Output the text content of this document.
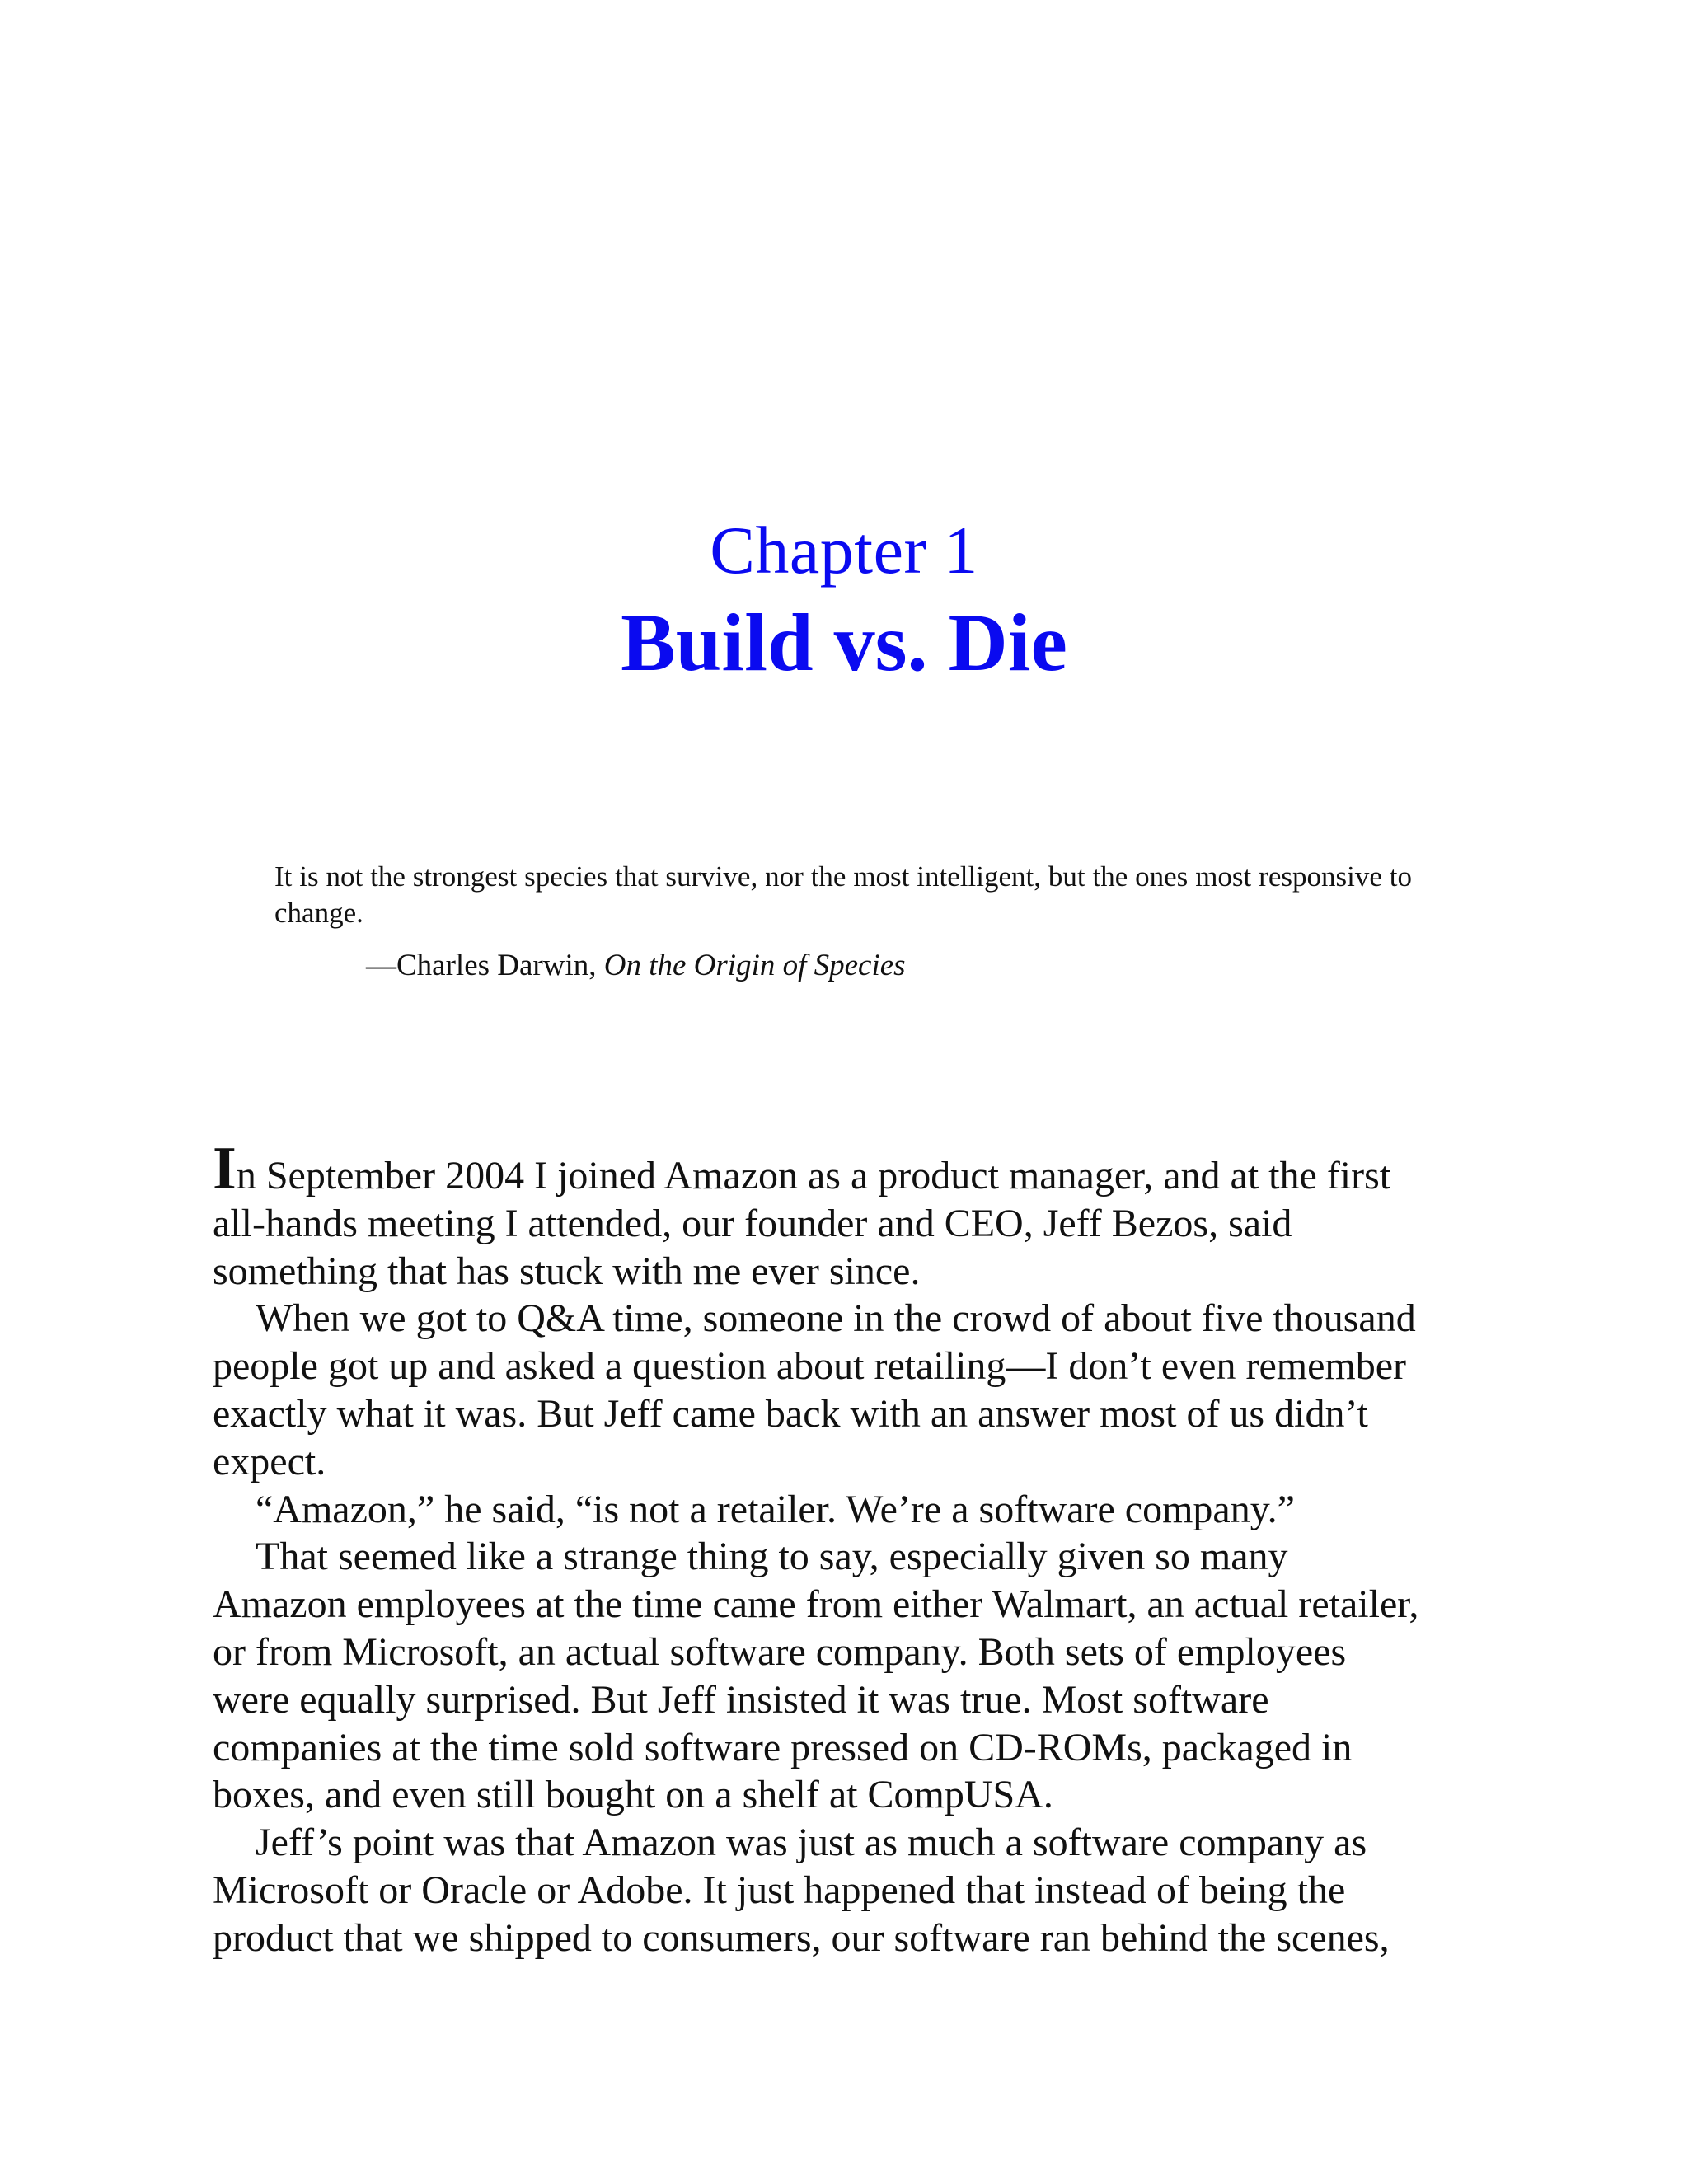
Chapter 1
Build vs. Die

It is not the strongest species that survive, nor the most intelligent, but the ones most responsive to change.

—Charles Darwin, On the Origin of Species

In September 2004 I joined Amazon as a product manager, and at the first
all-hands meeting I attended, our founder and CEO, Jeff Bezos, said
something that has stuck with me ever since.
When we got to Q&A time, someone in the crowd of about five thousand
people got up and asked a question about retailing—I don’t even remember
exactly what it was. But Jeff came back with an answer most of us didn’t
expect.
“Amazon,” he said, “is not a retailer. We’re a software company.”
That seemed like a strange thing to say, especially given so many
Amazon employees at the time came from either Walmart, an actual retailer,
or from Microsoft, an actual software company. Both sets of employees
were equally surprised. But Jeff insisted it was true. Most software
companies at the time sold software pressed on CD-ROMs, packaged in
boxes, and even still bought on a shelf at CompUSA.
Jeff’s point was that Amazon was just as much a software company as
Microsoft or Oracle or Adobe. It just happened that instead of being the
product that we shipped to consumers, our software ran behind the scenes,
